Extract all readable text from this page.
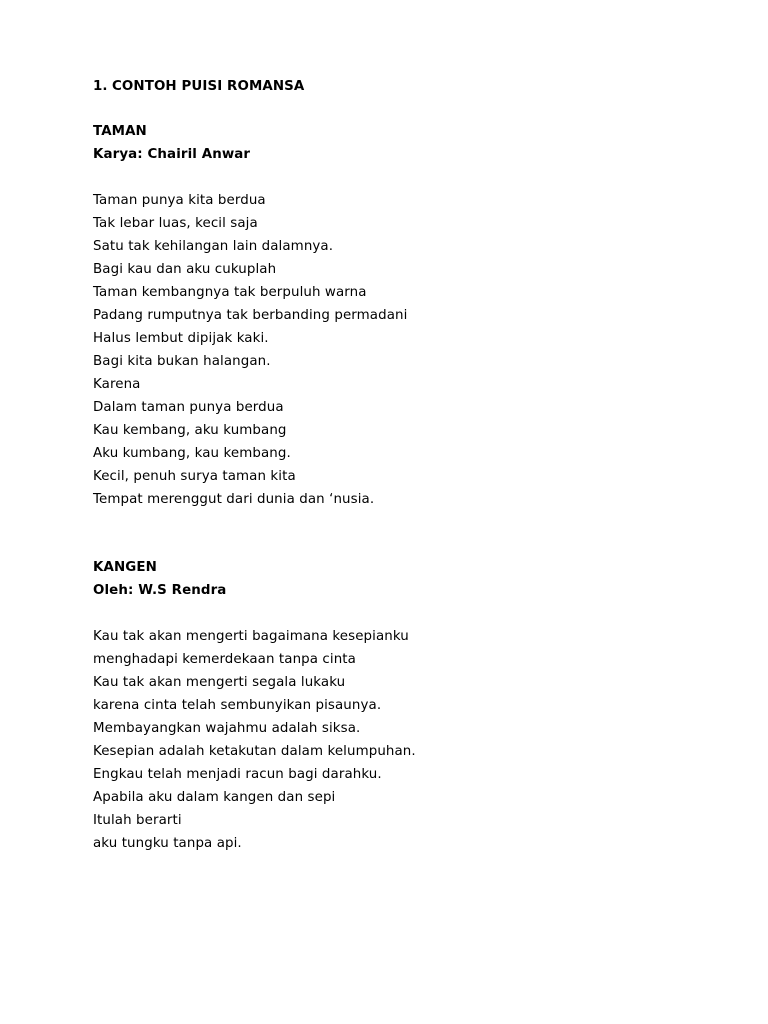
1. CONTOH PUISI ROMANSA
TAMAN
Karya: Chairil Anwar
Taman punya kita berdua
Tak lebar luas, kecil saja
Satu tak kehilangan lain dalamnya.
Bagi kau dan aku cukuplah
Taman kembangnya tak berpuluh warna
Padang rumputnya tak berbanding permadani
Halus lembut dipijak kaki.
Bagi kita bukan halangan.
Karena
Dalam taman punya berdua
Kau kembang, aku kumbang
Aku kumbang, kau kembang.
Kecil, penuh surya taman kita
Tempat merenggut dari dunia dan ‘nusia.
KANGEN
Oleh: W.S Rendra
Kau tak akan mengerti bagaimana kesepianku
menghadapi kemerdekaan tanpa cinta
Kau tak akan mengerti segala lukaku
karena cinta telah sembunyikan pisaunya.
Membayangkan wajahmu adalah siksa.
Kesepian adalah ketakutan dalam kelumpuhan.
Engkau telah menjadi racun bagi darahku.
Apabila aku dalam kangen dan sepi
Itulah berarti
aku tungku tanpa api.
